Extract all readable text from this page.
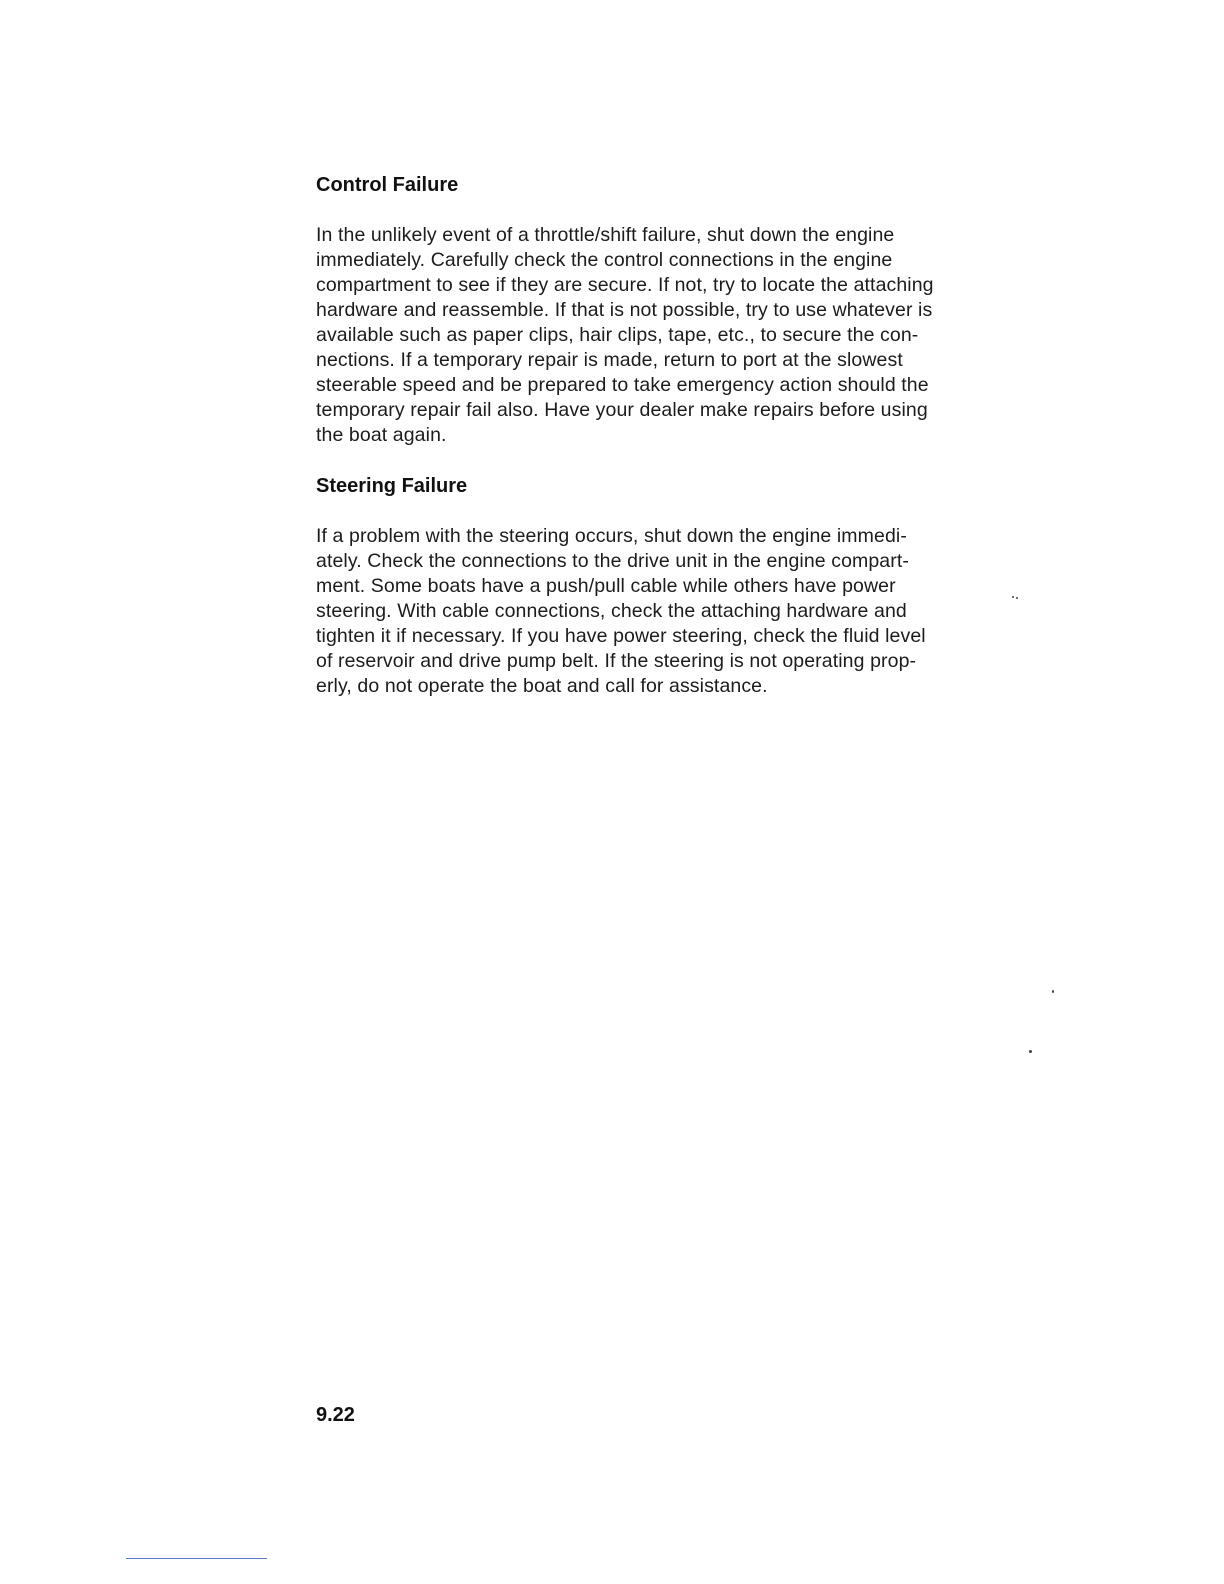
Control Failure
In the unlikely event of a throttle/shift failure, shut down the engine
immediately. Carefully check the control connections in the engine
compartment to see if they are secure. If not, try to locate the attaching
hardware and reassemble. If that is not possible, try to use whatever is
available such as paper clips, hair clips, tape, etc., to secure the con-
nections. If a temporary repair is made, return to port at the slowest
steerable speed and be prepared to take emergency action should the
temporary repair fail also. Have your dealer make repairs before using
the boat again.
Steering Failure
If a problem with the steering occurs, shut down the engine immedi-
ately. Check the connections to the drive unit in the engine compart-
ment. Some boats have a push/pull cable while others have power
steering. With cable connections, check the attaching hardware and
tighten it if necessary. If you have power steering, check the fluid level
of reservoir and drive pump belt. If the steering is not operating prop-
erly, do not operate the boat and call for assistance.
9.22
